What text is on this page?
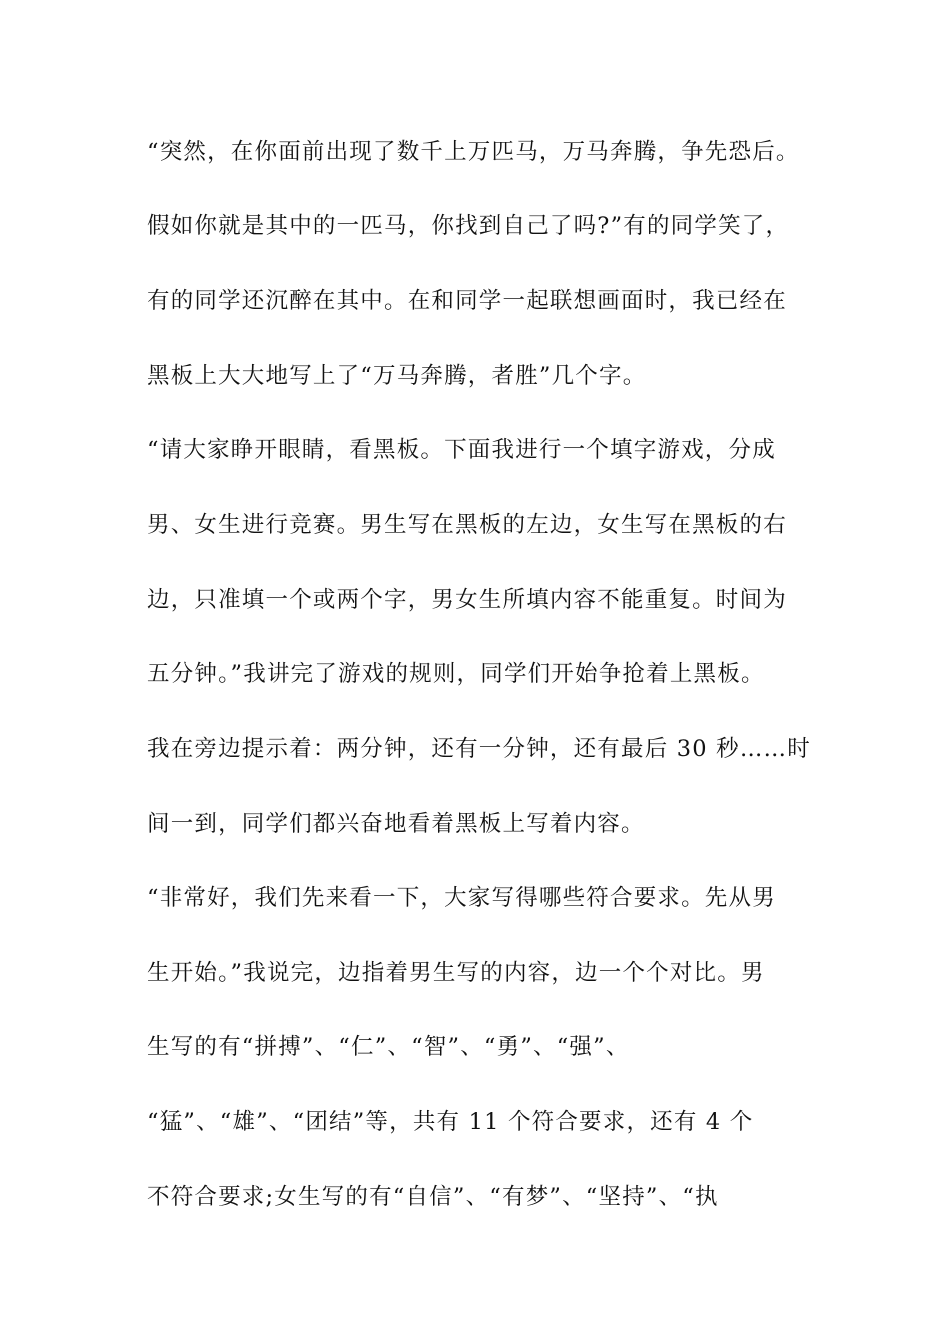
“突然，在你面前出现了数千上万匹马，万马奔腾，争先恐后。
假如你就是其中的一匹马，你找到自己了吗?”有的同学笑了，
有的同学还沉醉在其中。在和同学一起联想画面时，我已经在
黑板上大大地写上了“万马奔腾，者胜”几个字。
“请大家睁开眼睛，看黑板。下面我进行一个填字游戏，分成
男、女生进行竞赛。男生写在黑板的左边，女生写在黑板的右
边，只准填一个或两个字，男女生所填内容不能重复。时间为
五分钟。”我讲完了游戏的规则，同学们开始争抢着上黑板。
我在旁边提示着：两分钟，还有一分钟，还有最后 30 秒……时
间一到，同学们都兴奋地看着黑板上写着内容。
“非常好，我们先来看一下，大家写得哪些符合要求。先从男
生开始。”我说完，边指着男生写的内容，边一个个对比。男
生写的有“拼搏”、“仁”、“智”、“勇”、“强”、
“猛”、“雄”、“团结”等，共有 11 个符合要求，还有 4 个
不符合要求;女生写的有“自信”、“有梦”、“坚持”、“执
